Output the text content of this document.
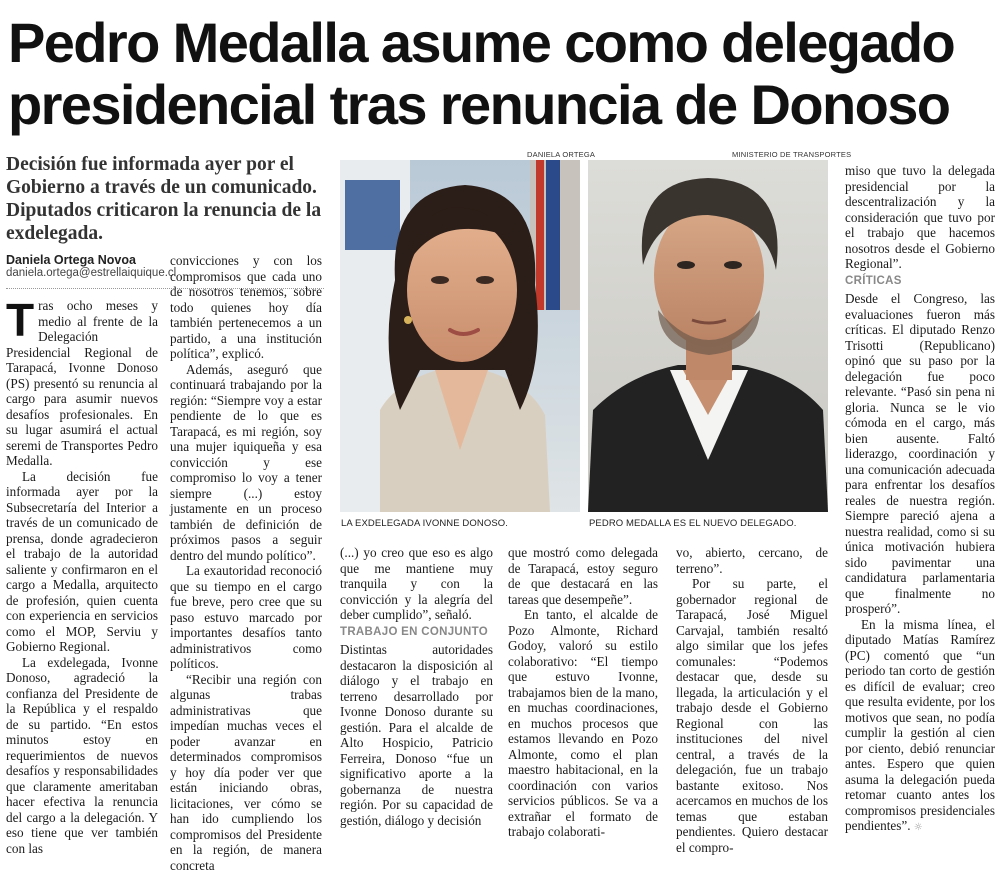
Pedro Medalla asume como delegado presidencial tras renuncia de Donoso

Decisión fue informada ayer por el Gobierno a través de un comunicado. Diputados criticaron la renuncia de la exdelegada.

Daniela Ortega Novoa
daniela.ortega@estrellaiquique.cl
DANIELA ORTEGA
LA EXDELEGADA IVONNE DONOSO.
MINISTERIO DE TRANSPORTES
PEDRO MEDALLA ES EL NUEVO DELEGADO.

Tras ocho meses y medio al frente de la Delegación Presidencial Regional de Tarapacá, Ivonne Donoso (PS) presentó su renuncia al cargo para asumir nuevos desafíos profesionales. En su lugar asumirá el actual seremi de Transportes Pedro Medalla.

La decisión fue informada ayer por la Subsecretaría del Interior a través de un comunicado de prensa, donde agradecieron el trabajo de la autoridad saliente y confirmaron en el cargo a Medalla, arquitecto de profesión, quien cuenta con experiencia en servicios como el MOP, Serviu y Gobierno Regional.

La exdelegada, Ivonne Donoso, agradeció la confianza del Presidente de la República y el respaldo de su partido. “En estos minutos estoy en requerimientos de nuevos desafíos y responsabilidades que claramente ameritaban hacer efectiva la renuncia del cargo a la delegación. Y eso tiene que ver también con las

convicciones y con los compromisos que cada uno de nosotros tenemos, sobre todo quienes hoy día también pertenecemos a un partido, a una institución política”, explicó.

Además, aseguró que continuará trabajando por la región: “Siempre voy a estar pendiente de lo que es Tarapacá, es mi región, soy una mujer iquiqueña y esa convicción y ese compromiso lo voy a tener siempre (...) estoy justamente en un proceso también de definición de próximos pasos a seguir dentro del mundo político”.

La exautoridad reconoció que su tiempo en el cargo fue breve, pero cree que su paso estuvo marcado por importantes desafíos tanto administrativos como políticos.

“Recibir una región con algunas trabas administrativas que impedían muchas veces el poder avanzar en determinados compromisos y hoy día poder ver que están iniciando obras, licitaciones, ver cómo se han ido cumpliendo los compromisos del Presidente en la región, de manera concreta

(...) yo creo que eso es algo que me mantiene muy tranquila y con la convicción y la alegría del deber cumplido”, señaló.

TRABAJO EN CONJUNTO

Distintas autoridades destacaron la disposición al diálogo y el trabajo en terreno desarrollado por Ivonne Donoso durante su gestión. Para el alcalde de Alto Hospicio, Patricio Ferreira, Donoso “fue un significativo aporte a la gobernanza de nuestra región. Por su capacidad de gestión, diálogo y decisión

que mostró como delegada de Tarapacá, estoy seguro de que destacará en las tareas que desempeñe”.

En tanto, el alcalde de Pozo Almonte, Richard Godoy, valoró su estilo colaborativo: “El tiempo que estuvo Ivonne, trabajamos bien de la mano, en muchas coordinaciones, en muchos procesos que estamos llevando en Pozo Almonte, como el plan maestro habitacional, en la coordinación con varios servicios públicos. Se va a extrañar el formato de trabajo colaborati-

vo, abierto, cercano, de terreno”.

Por su parte, el gobernador regional de Tarapacá, José Miguel Carvajal, también resaltó algo similar que los jefes comunales: “Podemos destacar que, desde su llegada, la articulación y el trabajo desde el Gobierno Regional con las instituciones del nivel central, a través de la delegación, fue un trabajo bastante exitoso. Nos acercamos en muchos de los temas que estaban pendientes. Quiero destacar el compro-

miso que tuvo la delegada presidencial por la descentralización y la consideración que tuvo por el trabajo que hacemos nosotros desde el Gobierno Regional”.

CRÍTICAS

Desde el Congreso, las evaluaciones fueron más críticas. El diputado Renzo Trisotti (Republicano) opinó que su paso por la delegación fue poco relevante. “Pasó sin pena ni gloria. Nunca se le vio cómoda en el cargo, más bien ausente. Faltó liderazgo, coordinación y una comunicación adecuada para enfrentar los desafíos reales de nuestra región. Siempre pareció ajena a nuestra realidad, como si su única motivación hubiera sido pavimentar una candidatura parlamentaria que finalmente no prosperó”.

En la misma línea, el diputado Matías Ramírez (PC) comentó que “un periodo tan corto de gestión es difícil de evaluar; creo que resulta evidente, por los motivos que sean, no podía cumplir la gestión al cien por ciento, debió renunciar antes. Espero que quien asuma la delegación pueda retomar cuanto antes los compromisos presidenciales pendientes”. ☼
